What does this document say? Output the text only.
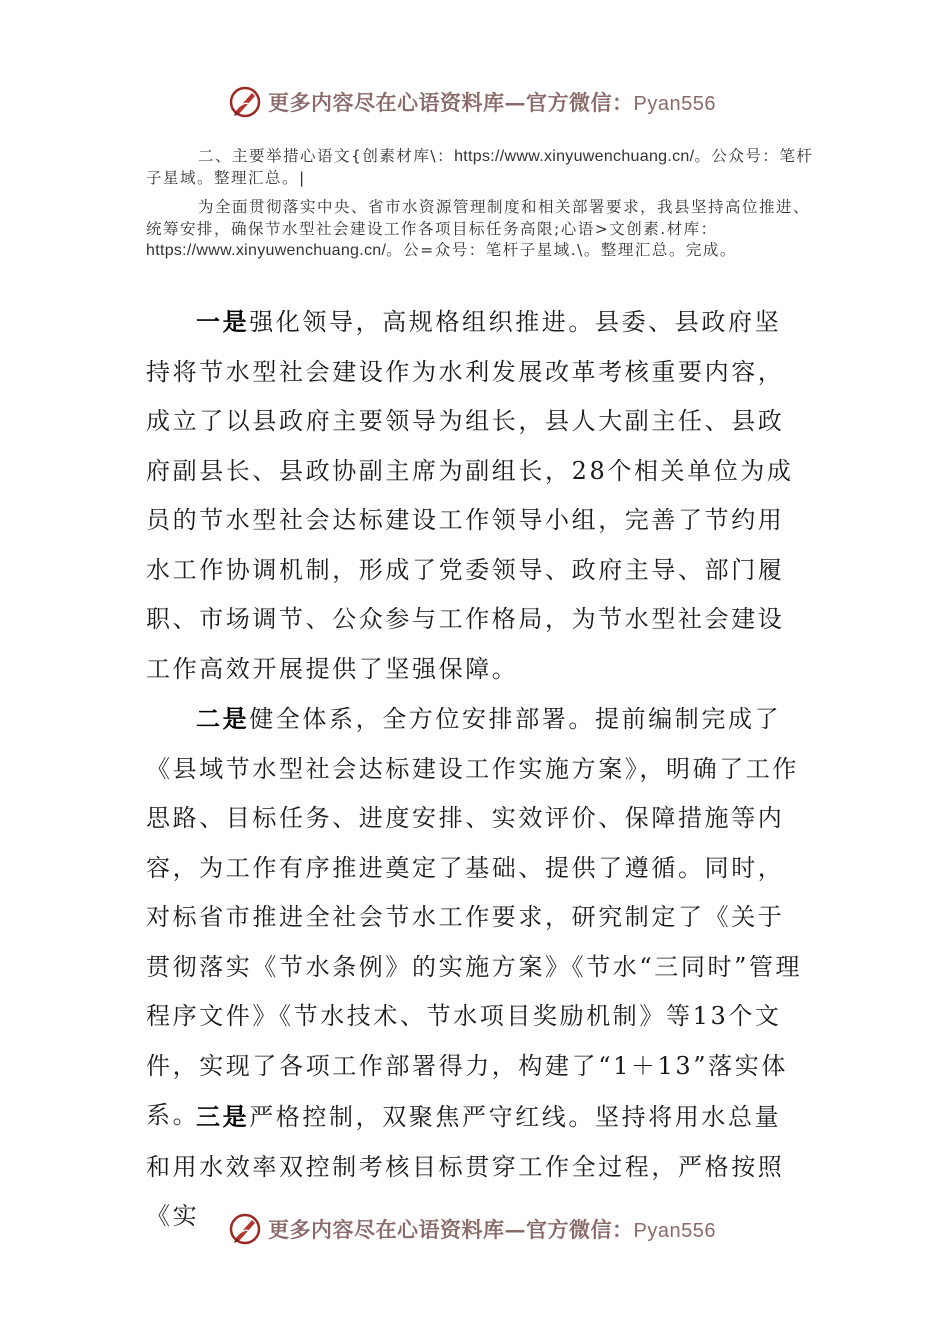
更多内容尽在心语资料库—官方微信：Pyan556

二、主要举措心语文{创素材库\：https://www.xinyuwenchuang.cn/。公众号：笔杆子星域。整理汇总。|

为全面贯彻落实中央、省市水资源管理制度和相关部署要求，我县坚持高位推进、统筹安排，确保节水型社会建设工作各项目标任务高限;心语>文创素.材库：https://www.xinyuwenchuang.cn/。公=众号：笔杆子星域.\。整理汇总。完成。

一是强化领导，高规格组织推进。县委、县政府坚持将节水型社会建设作为水利发展改革考核重要内容，成立了以县政府主要领导为组长，县人大副主任、县政府副县长、县政协副主席为副组长，28个相关单位为成员的节水型社会达标建设工作领导小组，完善了节约用水工作协调机制，形成了党委领导、政府主导、部门履职、市场调节、公众参与工作格局，为节水型社会建设工作高效开展提供了坚强保障。

二是健全体系，全方位安排部署。提前编制完成了《县域节水型社会达标建设工作实施方案》，明确了工作思路、目标任务、进度安排、实效评价、保障措施等内容，为工作有序推进奠定了基础、提供了遵循。同时，对标省市推进全社会节水工作要求，研究制定了《关于贯彻落实《节水条例》的实施方案》《节水“三同时”管理程序文件》《节水技术、节水项目奖励机制》等13个文件，实现了各项工作部署得力，构建了“1＋13”落实体系。

三是严格控制，双聚焦严守红线。坚持将用水总量和用水效率双控制考核目标贯穿工作全过程，严格按照《实	更多内容尽在心语资料库—官方微信：Pyan556
